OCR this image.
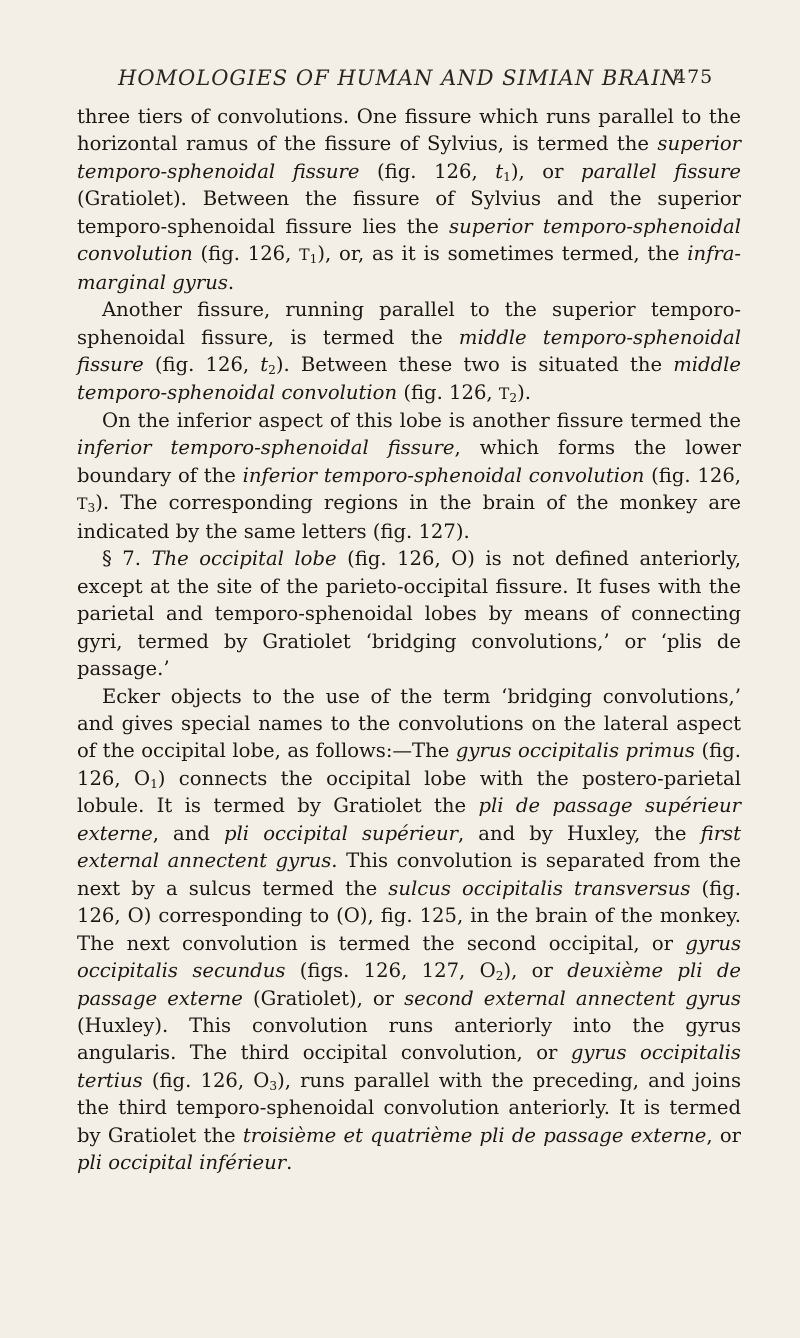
HOMOLOGIES OF HUMAN AND SIMIAN BRAIN
475

three tiers of convolutions. One fissure which runs parallel to the horizontal ramus of the fissure of Sylvius, is termed the superior temporo-sphenoidal fissure (fig. 126, $t_1$), or parallel fissure (Gratiolet). Between the fissure of Sylvius and the superior temporo-sphenoidal fissure lies the superior temporo-sphenoidal convolution (fig. 126, $T_1$), or, as it is sometimes termed, the infra-marginal gyrus.

Another fissure, running parallel to the superior temporo-sphenoidal fissure, is termed the middle temporo-sphenoidal fissure (fig. 126, $t_2$). Between these two is situated the middle temporo-sphenoidal convolution (fig. 126, $T_2$).

On the inferior aspect of this lobe is another fissure termed the inferior temporo-sphenoidal fissure, which forms the lower boundary of the inferior temporo-sphenoidal convolution (fig. 126, $T_3$). The corresponding regions in the brain of the monkey are indicated by the same letters (fig. 127).

§ 7. The occipital lobe (fig. 126, O) is not defined anteriorly, except at the site of the parieto-occipital fissure. It fuses with the parietal and temporo-sphenoidal lobes by means of connecting gyri, termed by Gratiolet ‘bridging convolutions,’ or ‘plis de passage.’

Ecker objects to the use of the term ‘bridging convolutions,’ and gives special names to the convolutions on the lateral aspect of the occipital lobe, as follows:—The gyrus occipitalis primus (fig. 126, $O_1$) connects the occipital lobe with the postero-parietal lobule. It is termed by Gratiolet the pli de passage supérieur externe, and pli occipital supérieur, and by Huxley, the first external annectent gyrus. This convolution is separated from the next by a sulcus termed the sulcus occipitalis transversus (fig. 126, O) corresponding to (O), fig. 125, in the brain of the monkey. The next convolution is termed the second occipital, or gyrus occipitalis secundus (figs. 126, 127, $O_2$), or deuxième pli de passage externe (Gratiolet), or second external annectent gyrus (Huxley). This convolution runs anteriorly into the gyrus angularis. The third occipital convolution, or gyrus occipitalis tertius (fig. 126, $O_3$), runs parallel with the preceding, and joins the third temporo-sphenoidal convolution anteriorly. It is termed by Gratiolet the troisième et quatrième pli de passage externe, or pli occipital inférieur.
